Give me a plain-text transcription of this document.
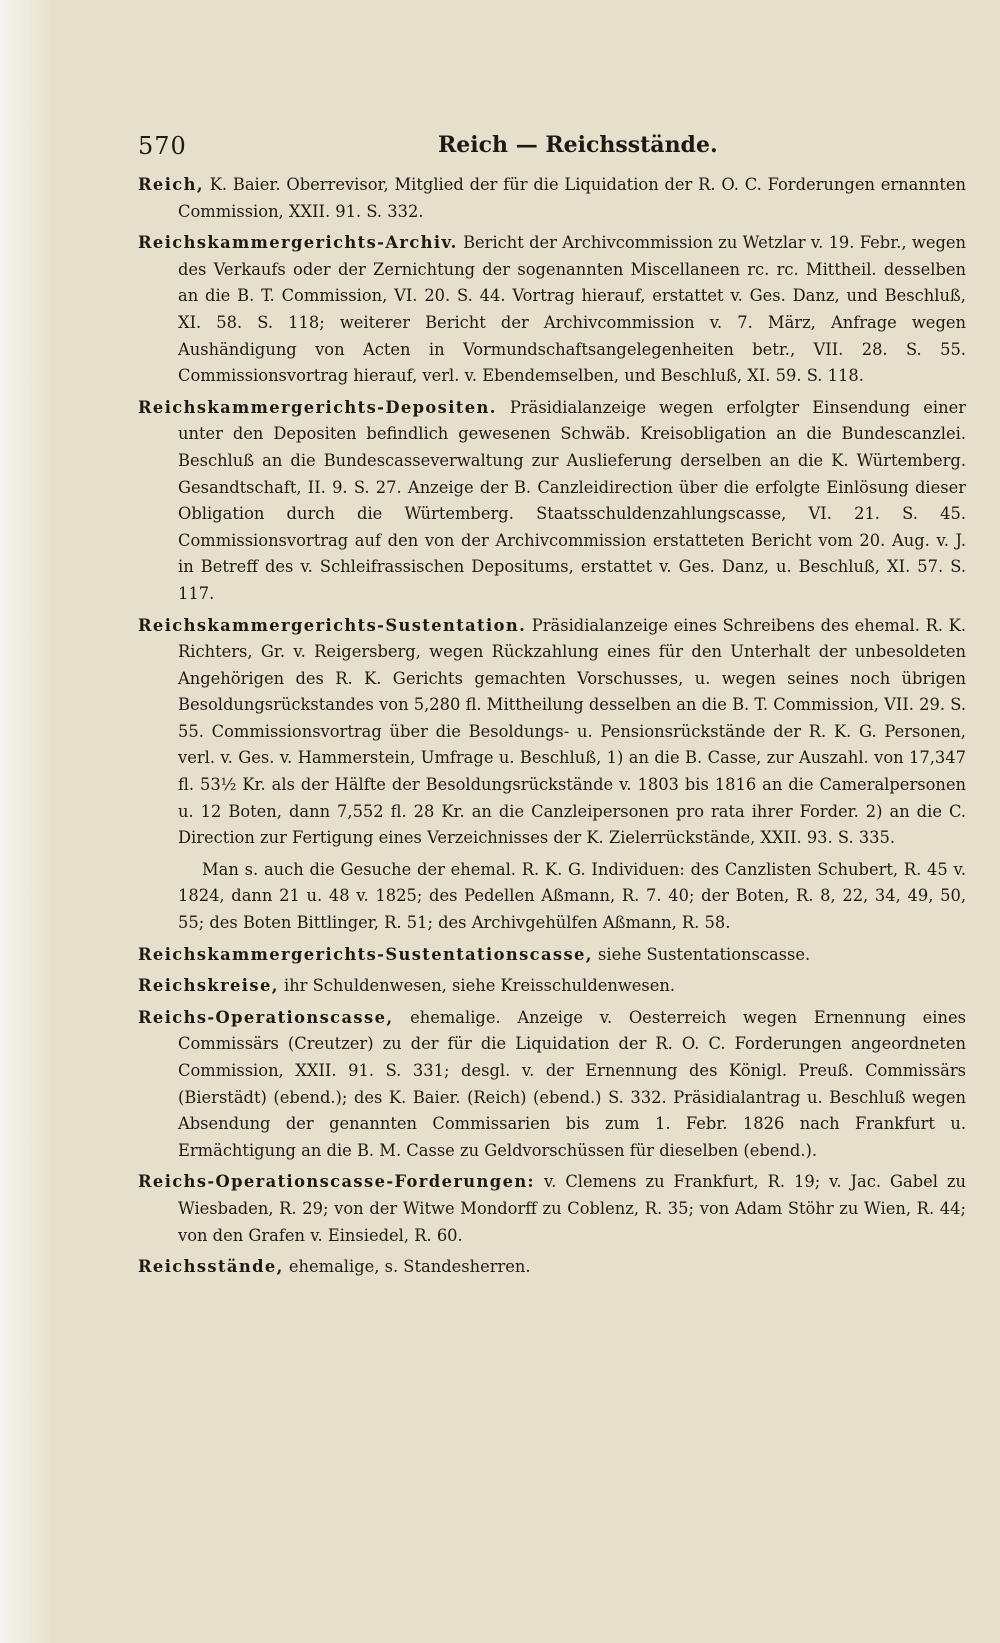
570	Reich — Reichsstände.

Reich, K. Baier. Oberrevisor, Mitglied der für die Liquidation der R. O. C. Forderungen ernannten Commission, XXII. 91. S. 332.

Reichskammergerichts-Archiv. Bericht der Archivcommission zu Wetzlar v. 19. Febr., wegen des Verkaufs oder der Zernichtung der sogenannten Miscellaneen rc. rc. Mittheil. desselben an die B. T. Commission, VI. 20. S. 44. Vortrag hierauf, erstattet v. Ges. Danz, und Beschluß, XI. 58. S. 118; weiterer Bericht der Archivcommission v. 7. März, Anfrage wegen Aushändigung von Acten in Vormundschaftsangelegenheiten betr., VII. 28. S. 55. Commissionsvortrag hierauf, verl. v. Ebendemselben, und Beschluß, XI. 59. S. 118.

Reichskammergerichts-Depositen. Präsidialanzeige wegen erfolgter Einsendung einer unter den Depositen befindlich gewesenen Schwäb. Kreisobligation an die Bundescanzlei. Beschluß an die Bundescasseverwaltung zur Auslieferung derselben an die K. Würtemberg. Gesandtschaft, II. 9. S. 27. Anzeige der B. Canzleidirection über die erfolgte Einlösung dieser Obligation durch die Würtemberg. Staatsschuldenzahlungscasse, VI. 21. S. 45. Commissionsvortrag auf den von der Archivcommission erstatteten Bericht vom 20. Aug. v. J. in Betreff des v. Schleifrassischen Depositums, erstattet v. Ges. Danz, u. Beschluß, XI. 57. S. 117.

Reichskammergerichts-Sustentation. Präsidialanzeige eines Schreibens des ehemal. R. K. Richters, Gr. v. Reigersberg, wegen Rückzahlung eines für den Unterhalt der unbesoldeten Angehörigen des R. K. Gerichts gemachten Vorschusses, u. wegen seines noch übrigen Besoldungsrückstandes von 5,280 fl. Mittheilung desselben an die B. T. Commission, VII. 29. S. 55. Commissionsvortrag über die Besoldungs- u. Pensionsrückstände der R. K. G. Personen, verl. v. Ges. v. Hammerstein, Umfrage u. Beschluß, 1) an die B. Casse, zur Auszahl. von 17,347 fl. 53½ Kr. als der Hälfte der Besoldungsrückstände v. 1803 bis 1816 an die Cameralpersonen u. 12 Boten, dann 7,552 fl. 28 Kr. an die Canzleipersonen pro rata ihrer Forder. 2) an die C. Direction zur Fertigung eines Verzeichnisses der K. Zielerrückstände, XXII. 93. S. 335.

Man s. auch die Gesuche der ehemal. R. K. G. Individuen: des Canzlisten Schubert, R. 45 v. 1824, dann 21 u. 48 v. 1825; des Pedellen Aßmann, R. 7. 40; der Boten, R. 8, 22, 34, 49, 50, 55; des Boten Bittlinger, R. 51; des Archivgehülfen Aßmann, R. 58.

Reichskammergerichts-Sustentationscasse, siehe Sustentationscasse.

Reichskreise, ihr Schuldenwesen, siehe Kreisschuldenwesen.

Reichs-Operationscasse, ehemalige. Anzeige v. Oesterreich wegen Ernennung eines Commissärs (Creutzer) zu der für die Liquidation der R. O. C. Forderungen angeordneten Commission, XXII. 91. S. 331; desgl. v. der Ernennung des Königl. Preuß. Commissärs (Bierstädt) (ebend.); des K. Baier. (Reich) (ebend.) S. 332. Präsidialantrag u. Beschluß wegen Absendung der genannten Commissarien bis zum 1. Febr. 1826 nach Frankfurt u. Ermächtigung an die B. M. Casse zu Geldvorschüssen für dieselben (ebend.).

Reichs-Operationscasse-Forderungen: v. Clemens zu Frankfurt, R. 19; v. Jac. Gabel zu Wiesbaden, R. 29; von der Witwe Mondorff zu Coblenz, R. 35; von Adam Stöhr zu Wien, R. 44; von den Grafen v. Einsiedel, R. 60.

Reichsstände, ehemalige, s. Standesherren.
